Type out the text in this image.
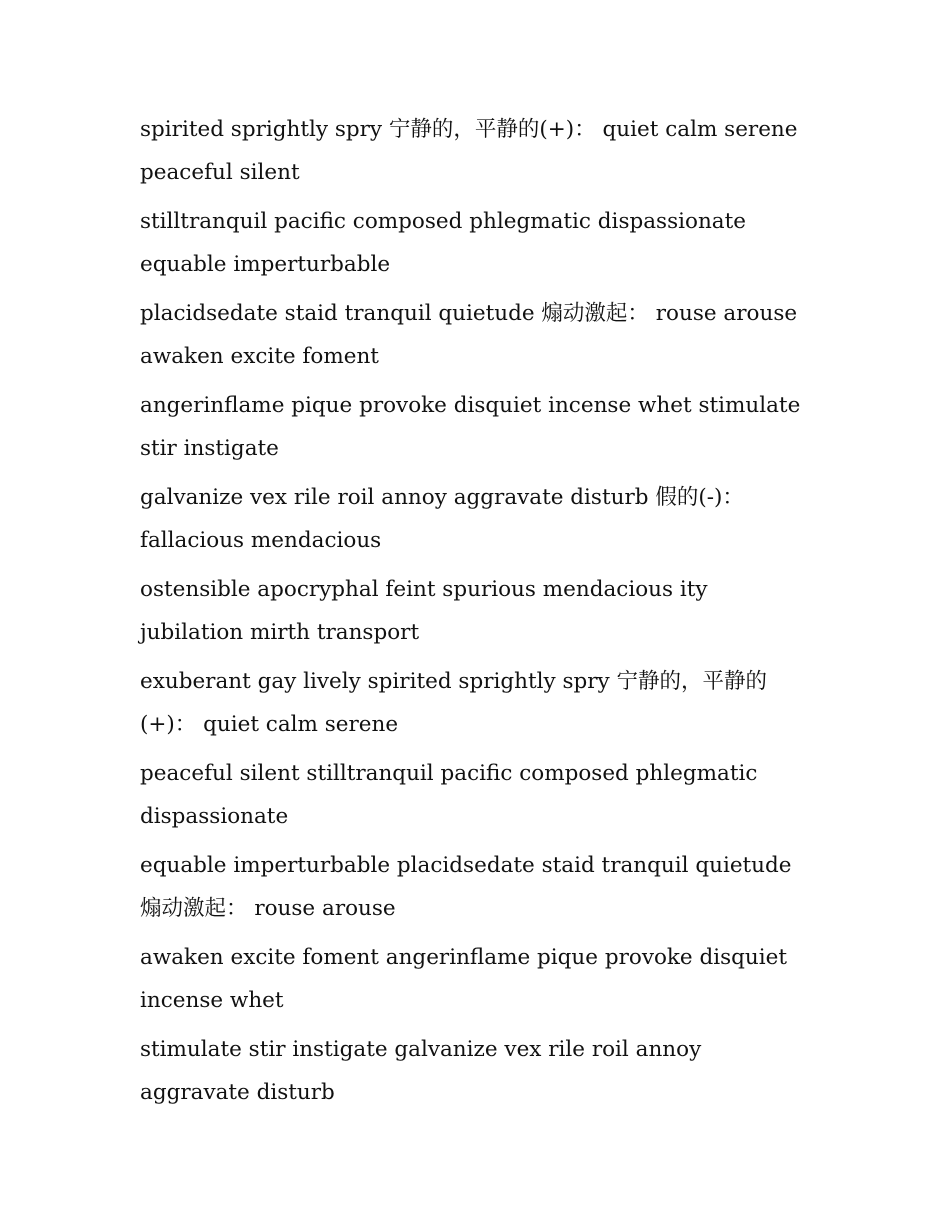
spirited sprightly spry 宁静的，平静的(+)： quiet calm serene peaceful silent

stilltranquil pacific composed phlegmatic dispassionate equable imperturbable

placidsedate staid tranquil quietude 煽动激起： rouse arouse awaken excite foment

angerinflame pique provoke disquiet incense whet stimulate stir instigate

galvanize vex rile roil annoy aggravate disturb 假的(-)：fallacious mendacious

ostensible apocryphal feint spurious mendacious ity jubilation mirth transport

exuberant gay lively spirited sprightly spry 宁静的，平静的(+)： quiet calm serene

peaceful silent stilltranquil pacific composed phlegmatic dispassionate

equable imperturbable placidsedate staid tranquil quietude 煽动激起： rouse arouse

awaken excite foment angerinflame pique provoke disquiet incense whet

stimulate stir instigate galvanize vex rile roil annoy aggravate disturb
